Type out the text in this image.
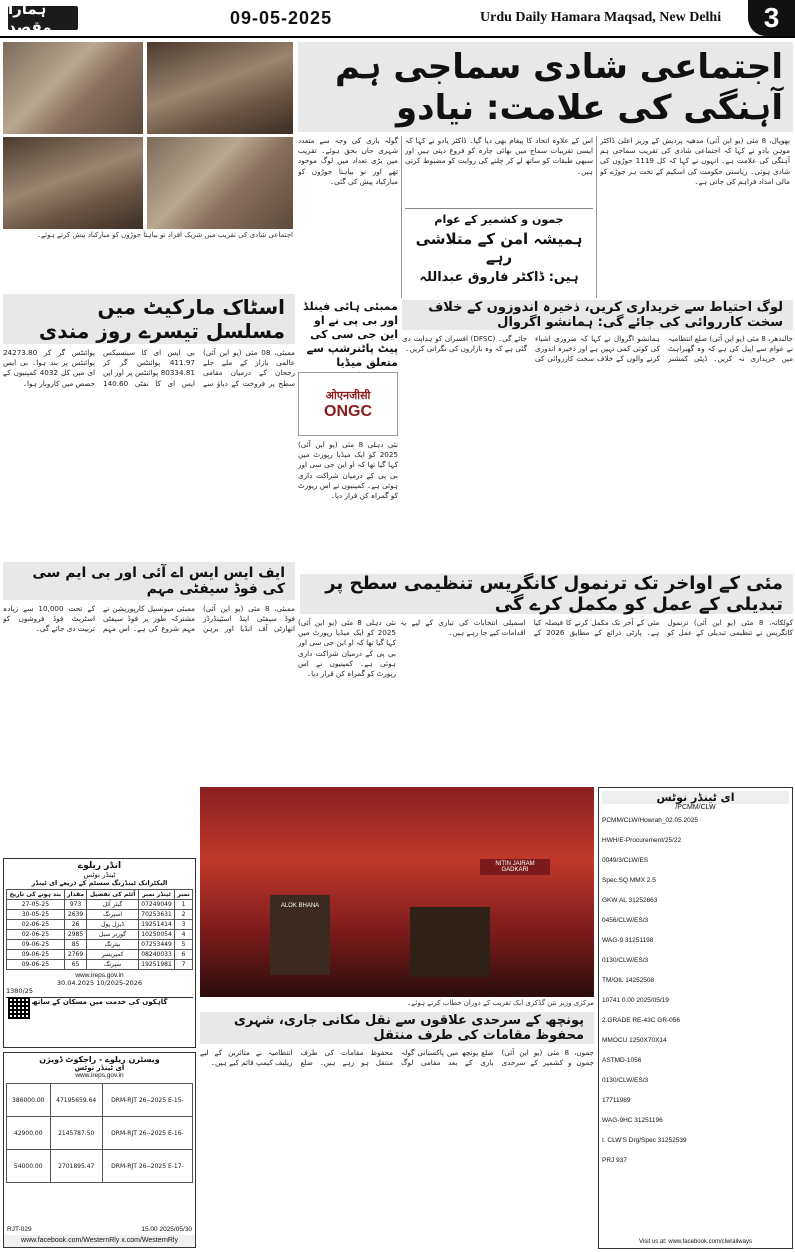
ہمارا مقصد	09-05-2025	Urdu Daily Hamara Maqsad, New Delhi	3
اجتماعی شادی کی تقریب میں شریک افراد نو بیاہتا جوڑوں کو مبارکباد پیش کرتے ہوئے۔
اجتماعی شادی سماجی ہم آہنگی کی علامت: نیادو
بھوپال، 8 مئی (یو این آئی) مدھیہ پردیش کے وزیر اعلیٰ ڈاکٹر موہن یادو نے کہا کہ اجتماعی شادی کی تقریب سماجی ہم آہنگی کی علامت ہے۔ انہوں نے کہا کہ کل 1119 جوڑوں کی شادی ہوئی۔ ریاستی حکومت کی اسکیم کے تحت ہر جوڑے کو مالی امداد فراہم کی جاتی ہے۔
اس کے علاوہ اتحاد کا پیغام بھی دیا گیا۔ ڈاکٹر یادو نے کہا کہ ایسی تقریبات سماج میں بھائی چارہ کو فروغ دیتی ہیں اور سبھی طبقات کو ساتھ لے کر چلنے کی روایت کو مضبوط کرتی ہیں۔
جموں و کشمیر کے عوام
ہمیشہ امن کے متلاشی رہے
ہیں: ڈاکٹر فاروق عبداللہ
گولہ باری کی وجہ سے متعدد شہری جاں بحق ہوئے۔ تقریب میں بڑی تعداد میں لوگ موجود تھے اور نو بیاہتا جوڑوں کو مبارکباد پیش کی گئی۔
لوگ احتیاط سے خریداری کریں، ذخیرہ اندوزوں کے خلاف سخت کارروائی کی جائے گی: ہمانشو اگروال
جالندھر، 8 مئی (یو این آئی) ضلع انتظامیہ نے عوام سے اپیل کی ہے کہ وہ گھبراہٹ میں خریداری نہ کریں۔ ڈپٹی کمشنر ہمانشو اگروال نے کہا کہ ضروری اشیاء کی کوئی کمی نہیں ہے اور ذخیرہ اندوزی کرنے والوں کے خلاف سخت کارروائی کی جائے گی۔ (DFSC) افسران کو ہدایت دی گئی ہے کہ وہ بازاروں کی نگرانی کریں۔
اسٹاک مارکیٹ میں مسلسل تیسرے روز مندی
ممبئی، 08 مئی (یو این آئی) عالمی بازار کے ملے جلے رجحان کے درمیان مقامی سطح پر فروخت کے دباؤ سے بی ایس ای کا سینسیکس 411.97 پوائنٹس گر کر 80334.81 پوائنٹس پر اور این ایس ای کا نفٹی 140.60 پوائنٹس گر کر 24273.80 پوائنٹس پر بند ہوا۔ بی ایس ای میں کل 4032 کمپنیوں کے حصص میں کاروبار ہوا۔
ممبئی ہائی فینلڈ اور بی پی نے او این جی سی کی پیٹ پاٹنرشپ سے متعلق میڈیا
ओएनजीसी
ONGC
نئی دہلی 8 مئی (یو این آئی) 2025 کو ایک میڈیا رپورٹ میں کہا گیا تھا کہ او این جی سی اور بی پی کے درمیان شراکت داری ہوئی ہے۔ کمپنیوں نے اس رپورٹ کو گمراہ کن قرار دیا۔
ایف ایس ایس اے آئی اور بی ایم سی کی فوڈ سیفٹی مہم
ممبئی، 8 مئی (یو این آئی) فوڈ سیفٹی اینڈ اسٹینڈرڈز اتھارٹی آف انڈیا اور برہن ممبئی میونسپل کارپوریشن نے مشترکہ طور پر فوڈ سیفٹی مہم شروع کی ہے۔ اس مہم کے تحت 10,000 سے زیادہ اسٹریٹ فوڈ فروشوں کو تربیت دی جائے گی۔
مئی کے اواخر تک ترنمول کانگریس تنظیمی سطح پر تبدیلی کے عمل کو مکمل کرے گی
کولکاتہ، 8 مئی (یو این آئی) ترنمول کانگریس نے تنظیمی تبدیلی کے عمل کو مئی کے آخر تک مکمل کرنے کا فیصلہ کیا ہے۔ پارٹی ذرائع کے مطابق 2026 کے اسمبلی انتخابات کی تیاری کے لیے یہ اقدامات کیے جا رہے ہیں۔
نئی دہلی 8 مئی (یو این آئی) 2025 کو ایک میڈیا رپورٹ میں کہا گیا تھا کہ او این جی سی اور بی پی کے درمیان شراکت داری ہوئی ہے۔ کمپنیوں نے اس رپورٹ کو گمراہ کن قرار دیا۔
ALOK BHANA
NITIN JAIRAM GADKARI
مرکزی وزیر نتن گڈکری ایک تقریب کے دوران خطاب کرتے ہوئے۔
پونچھ کے سرحدی علاقوں سے نقل مکانی جاری، شہری محفوظ مقامات کی طرف منتقل
جموں، 8 مئی (یو این آئی) جموں و کشمیر کے سرحدی ضلع پونچھ میں پاکستانی گولہ باری کے بعد مقامی لوگ محفوظ مقامات کی طرف منتقل ہو رہے ہیں۔ ضلع انتظامیہ نے متاثرین کے لیے ریلیف کیمپ قائم کیے ہیں۔
ای ٹینڈر نوٹس
PCMM/CLW/
PCMM/CLW/Howrah_02.05.2025
HWH/E-Procurement/25/22
0049/3/CLW/ES
Spec.SQ MMX 2.5
GKW AL 31252663
0456/CLW/ES/3
WAG-9 31251198
0130/CLW/ES/3
TM/OIL 14252508
10741 0.00 2025/05/19
2.GRADE RE-43C GR-056
MMOCU 1250X70X14
ASTMD-1056
0130/CLW/ES/3
17711989
WAG-9HC 31251196
I. CLW'S Drg/Spec 31252539
PRJ 937
Visit us at: www.facebook.com/clwrailways
انڈر ریلوے
ٹینڈر نوٹس
الیکٹرانک ٹینڈرنگ سسٹم کے ذریعے ای ٹینڈر
نمبر	ٹینڈر نمبر	آئٹم کی تفصیل	مقدار	بند ہونے کی تاریخ
1	07249049	گیئر آئل	973	27-05-25
2	70253631	اسپرنگ	2639	30-05-25
3	19251414	ڈیزل پول	26	02-06-25
4	10250054	گورنر سیل	2985	02-06-25
5	07253449	بیئرنگ	85	09-06-25
6	08240033	کمپریسر	2769	09-06-25
7	19251981	سپرنگ	65	09-06-25
www.ireps.gov.in
30.04.2025 10/2025-2026
1380/25
گاہکوں کی خدمت میں مسکان کے ساتھ
ویسٹرن ریلوے - راجکوٹ ڈویژن
ای ٹینڈر نوٹس
www.ireps.gov.in
386000.00	47195659.64	DRM-RJT 26--2025 E-15-
42900.00	2145787.50	DRM-RJT 26--2025 E-16-
54000.00	2701895.47	DRM-RJT 26--2025 E-17-
RJT-029	15.00 2025/05/30
www.facebook.com/WesternRly x.com/WesternRly
